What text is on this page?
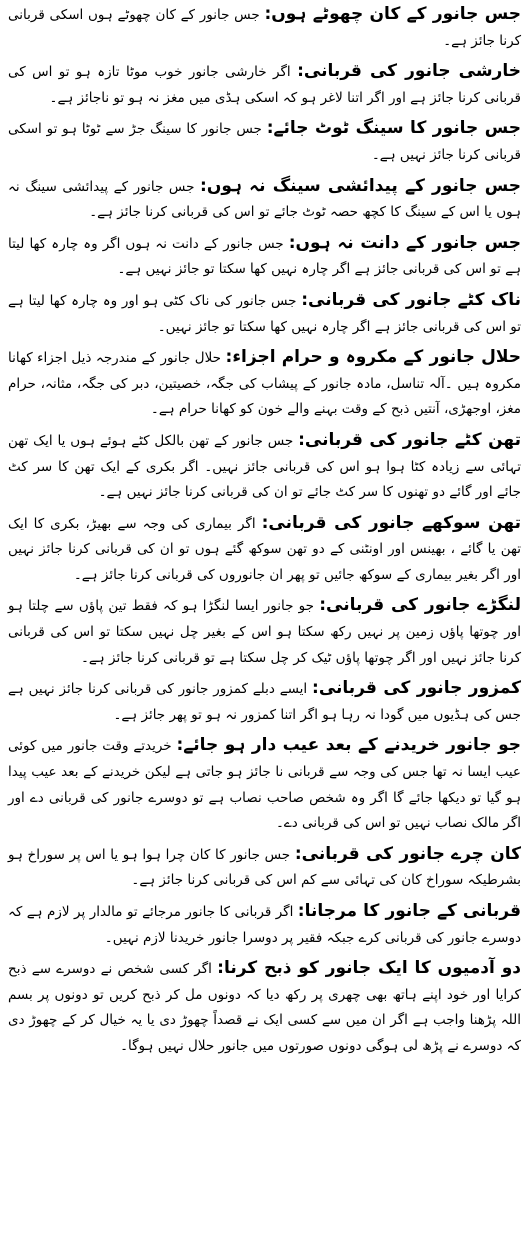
جس جانور کے کان چھوٹے ہوں: جس جانور کے کان چھوٹے ہوں اسکی قربانی کرنا جائز ہے۔

خارشی جانور کی قربانی: اگر خارشی جانور خوب موٹا تازہ ہو تو اس کی قربانی کرنا جائز ہے اور اگر اتنا لاغر ہو کہ اسکی ہڈی میں مغز نہ ہو تو ناجائز ہے۔

جس جانور کا سینگ ٹوٹ جائے: جس جانور کا سینگ جڑ سے ٹوٹا ہو تو اسکی قربانی کرنا جائز نہیں ہے۔

جس جانور کے پیدائشی سینگ نہ ہوں: جس جانور کے پیدائشی سینگ نہ ہوں یا اس کے سینگ کا کچھ حصہ ٹوٹ جائے تو اس کی قربانی کرنا جائز ہے۔

جس جانور کے دانت نہ ہوں: جس جانور کے دانت نہ ہوں اگر وہ چارہ کھا لیتا ہے تو اس کی قربانی جائز ہے اگر چارہ نہیں کھا سکتا تو جائز نہیں ہے۔

ناک کٹے جانور کی قربانی: جس جانور کی ناک کٹی ہو اور وہ چارہ کھا لیتا ہے تو اس کی قربانی جائز ہے اگر چارہ نہیں کھا سکتا تو جائز نہیں۔

حلال جانور کے مکروہ و حرام اجزاء: حلال جانور کے مندرجہ ذیل اجزاء کھانا مکروہ ہیں ۔آلہ تناسل، مادہ جانور کے پیشاب کی جگہ، خصیتین، دبر کی جگہ، مثانہ، حرام مغز، اوجھڑی، آنتیں ذبح کے وقت بہنے والے خون کو کھانا حرام ہے۔

تھن کٹے جانور کی قربانی: جس جانور کے تھن بالکل کٹے ہوئے ہوں یا ایک تھن تہائی سے زیادہ کٹا ہوا ہو اس کی قربانی جائز نہیں۔ اگر بکری کے ایک تھن کا سر کٹ جائے اور گائے دو تھنوں کا سر کٹ جائے تو ان کی قربانی کرنا جائز نہیں ہے۔

تھن سوکھے جانور کی قربانی: اگر بیماری کی وجہ سے بھیڑ، بکری کا ایک تھن یا گائے ، بھینس اور اونٹنی کے دو تھن سوکھ گئے ہوں تو ان کی قربانی کرنا جائز نہیں اور اگر بغیر بیماری کے سوکھ جائیں تو پھر ان جانوروں کی قربانی کرنا جائز ہے۔

لنگڑے جانور کی قربانی: جو جانور ایسا لنگڑا ہو کہ فقط تین پاؤں سے چلتا ہو اور چوتھا پاؤں زمین پر نہیں رکھ سکتا ہو اس کے بغیر چل نہیں سکتا تو اس کی قربانی کرنا جائز نہیں اور اگر چوتھا پاؤں ٹیک کر چل سکتا ہے تو قربانی کرنا جائز ہے۔

کمزور جانور کی قربانی: ایسے دبلے کمزور جانور کی قربانی کرنا جائز نہیں ہے جس کی ہڈیوں میں گودا نہ رہا ہو اگر اتنا کمزور نہ ہو تو پھر جائز ہے۔

جو جانور خریدنے کے بعد عیب دار ہو جائے: خریدتے وقت جانور میں کوئی عیب ایسا نہ تھا جس کی وجہ سے قربانی نا جائز ہو جاتی ہے لیکن خریدنے کے بعد عیب پیدا ہو گیا تو دیکھا جائے گا اگر وہ شخص صاحب نصاب ہے تو دوسرے جانور کی قربانی دے اور اگر مالک نصاب نہیں تو اس کی قربانی دے۔

کان چرے جانور کی قربانی: جس جانور کا کان چرا ہوا ہو یا اس پر سوراخ ہو بشرطیکہ سوراخ کان کی تہائی سے کم اس کی قربانی کرنا جائز ہے۔

قربانی کے جانور کا مرجانا: اگر قربانی کا جانور مرجائے تو مالدار پر لازم ہے کہ دوسرے جانور کی قربانی کرے جبکہ فقیر پر دوسرا جانور خریدنا لازم نہیں۔

دو آدمیوں کا ایک جانور کو ذبح کرنا: اگر کسی شخص نے دوسرے سے ذبح کرایا اور خود اپنے ہاتھ بھی چھری پر رکھ دیا کہ دونوں مل کر ذبح کریں تو دونوں پر بسم اللہ پڑھنا واجب ہے اگر ان میں سے کسی ایک نے قصداً چھوڑ دی یا یہ خیال کر کے چھوڑ دی کہ دوسرے نے پڑھ لی ہوگی دونوں صورتوں میں جانور حلال نہیں ہوگا۔
